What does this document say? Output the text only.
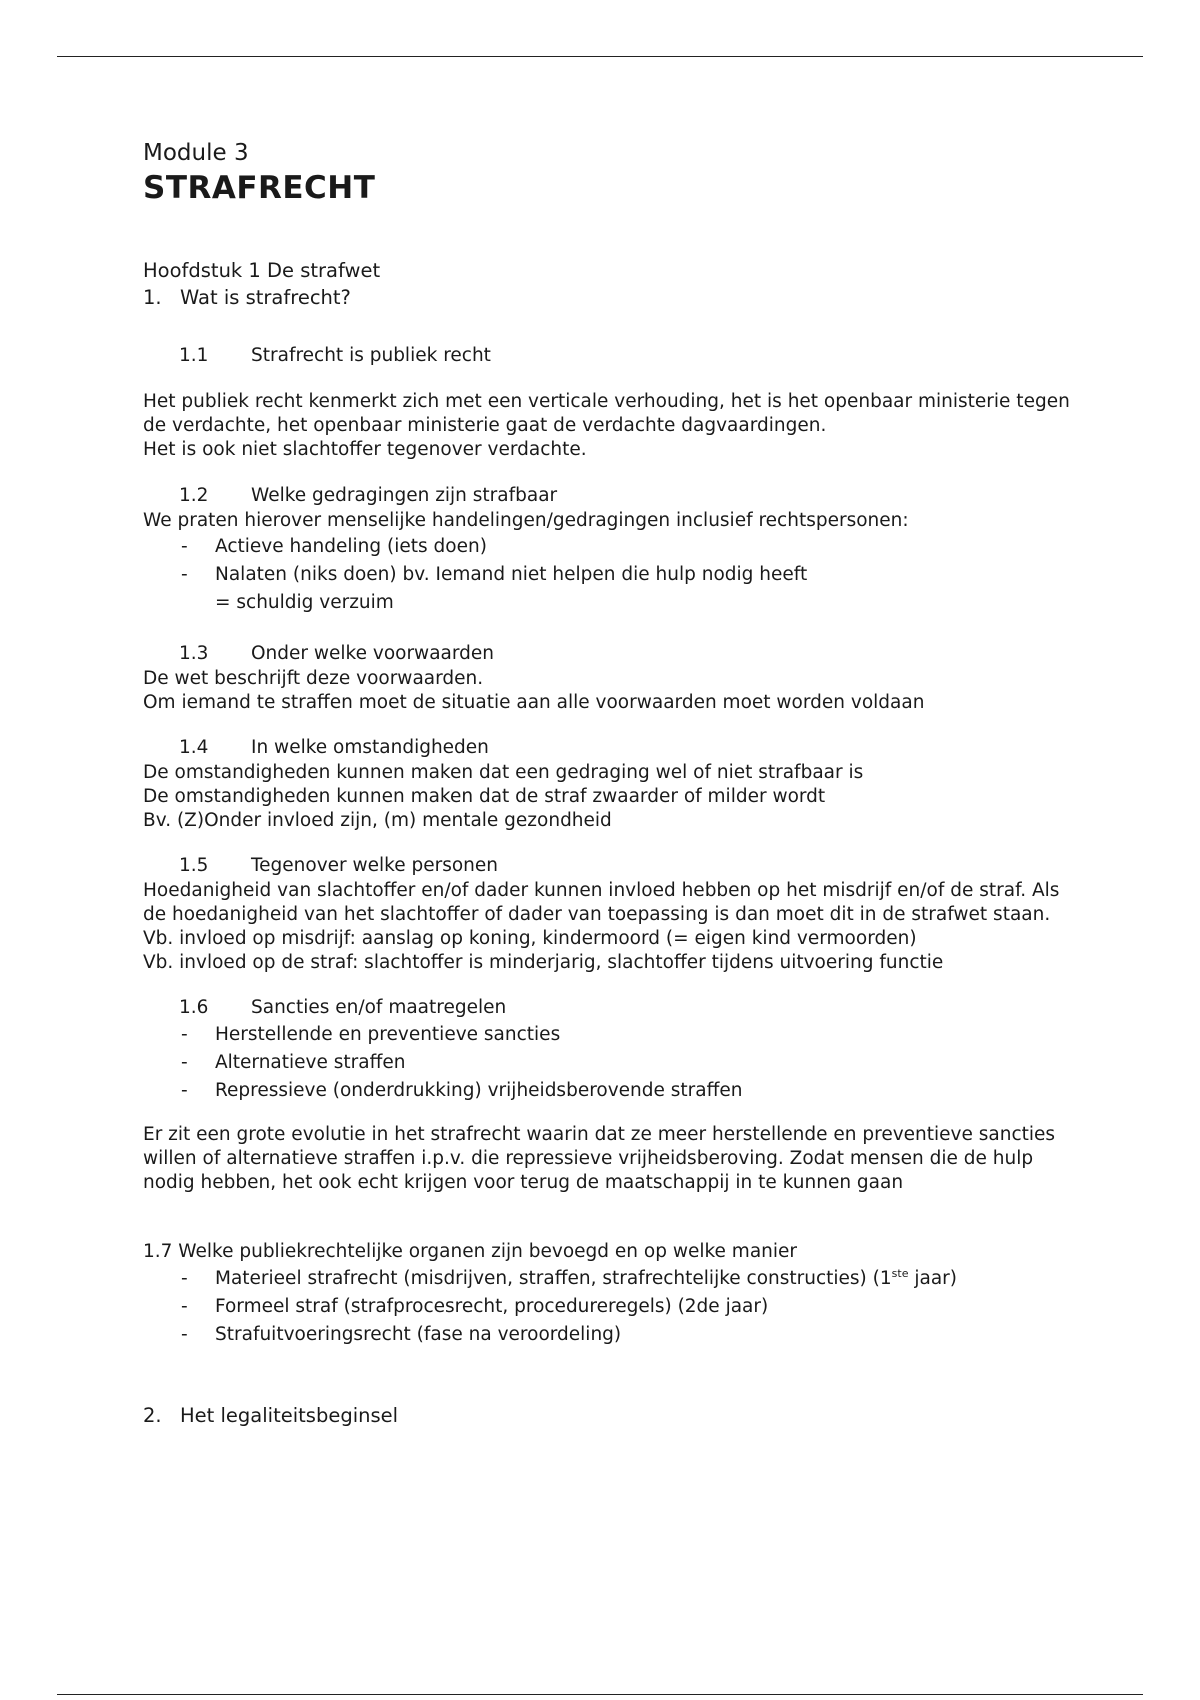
Module 3

STRAFRECHT

Hoofdstuk 1 De strafwet

1. Wat is strafrecht?

1.1 Strafrecht is publiek recht

Het publiek recht kenmerkt zich met een verticale verhouding, het is het openbaar ministerie tegen de verdachte, het openbaar ministerie gaat de verdachte dagvaardingen.

Het is ook niet slachtoffer tegenover verdachte.

1.2 Welke gedragingen zijn strafbaar

We praten hierover menselijke handelingen/gedragingen inclusief rechtspersonen:

- Actieve handeling (iets doen)
- Nalaten (niks doen) bv. Iemand niet helpen die hulp nodig heeft

= schuldig verzuim

1.3 Onder welke voorwaarden

De wet beschrijft deze voorwaarden.

Om iemand te straffen moet de situatie aan alle voorwaarden moet worden voldaan

1.4 In welke omstandigheden

De omstandigheden kunnen maken dat een gedraging wel of niet strafbaar is

De omstandigheden kunnen maken dat de straf zwaarder of milder wordt

Bv. (Z)Onder invloed zijn, (m) mentale gezondheid

1.5 Tegenover welke personen

Hoedanigheid van slachtoffer en/of dader kunnen invloed hebben op het misdrijf en/of de straf. Als de hoedanigheid van het slachtoffer of dader van toepassing is dan moet dit in de strafwet staan.

Vb. invloed op misdrijf: aanslag op koning, kindermoord (= eigen kind vermoorden)

Vb. invloed op de straf: slachtoffer is minderjarig, slachtoffer tijdens uitvoering functie

1.6 Sancties en/of maatregelen

- Herstellende en preventieve sancties
- Alternatieve straffen
- Repressieve (onderdrukking) vrijheidsberovende straffen

Er zit een grote evolutie in het strafrecht waarin dat ze meer herstellende en preventieve sancties willen of alternatieve straffen i.p.v. die repressieve vrijheidsberoving. Zodat mensen die de hulp nodig hebben, het ook echt krijgen voor terug de maatschappij in te kunnen gaan

1.7 Welke publiekrechtelijke organen zijn bevoegd en op welke manier

- Materieel strafrecht (misdrijven, straffen, strafrechtelijke constructies) (1ste jaar)
- Formeel straf (strafprocesrecht, procedureregels) (2de jaar)
- Strafuitvoeringsrecht (fase na veroordeling)

2. Het legaliteitsbeginsel
